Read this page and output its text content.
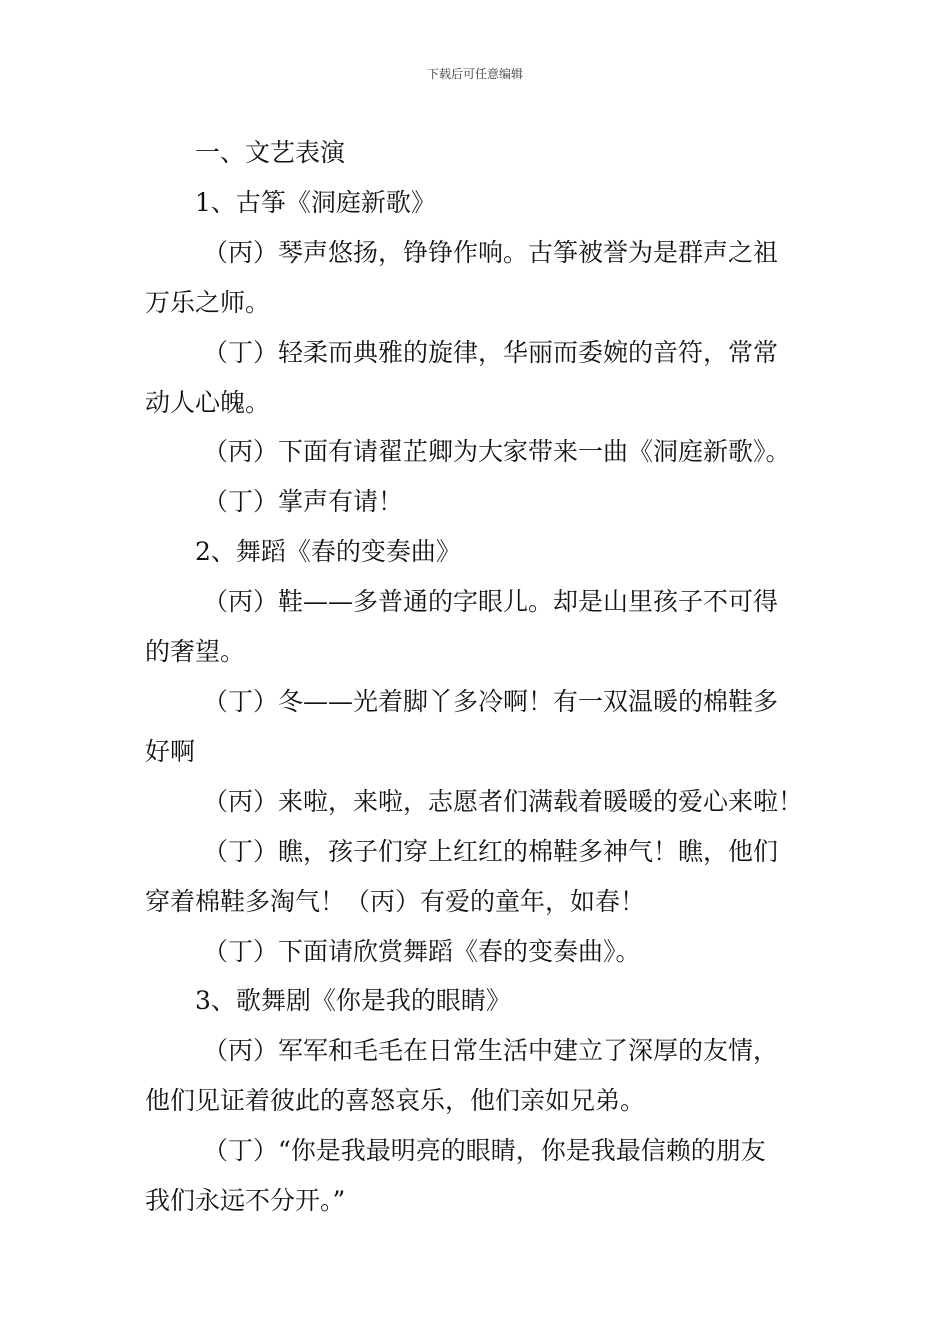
下载后可任意编辑

一、文艺表演

1、古筝《洞庭新歌》

（丙）琴声悠扬，铮铮作响。古筝被誉为是群声之祖

万乐之师。

（丁）轻柔而典雅的旋律，华丽而委婉的音符，常常

动人心魄。

（丙）下面有请翟芷卿为大家带来一曲《洞庭新歌》。

（丁）掌声有请！

2、舞蹈《春的变奏曲》

（丙）鞋——多普通的字眼儿。却是山里孩子不可得

的奢望。

（丁）冬——光着脚丫多冷啊！有一双温暖的棉鞋多

好啊

（丙）来啦，来啦，志愿者们满载着暖暖的爱心来啦！

（丁）瞧，孩子们穿上红红的棉鞋多神气！瞧，他们

穿着棉鞋多淘气！（丙）有爱的童年，如春！

（丁）下面请欣赏舞蹈《春的变奏曲》。

3、歌舞剧《你是我的眼睛》

（丙）军军和毛毛在日常生活中建立了深厚的友情，

他们见证着彼此的喜怒哀乐，他们亲如兄弟。

（丁）“你是我最明亮的眼睛，你是我最信赖的朋友

我们永远不分开。”
